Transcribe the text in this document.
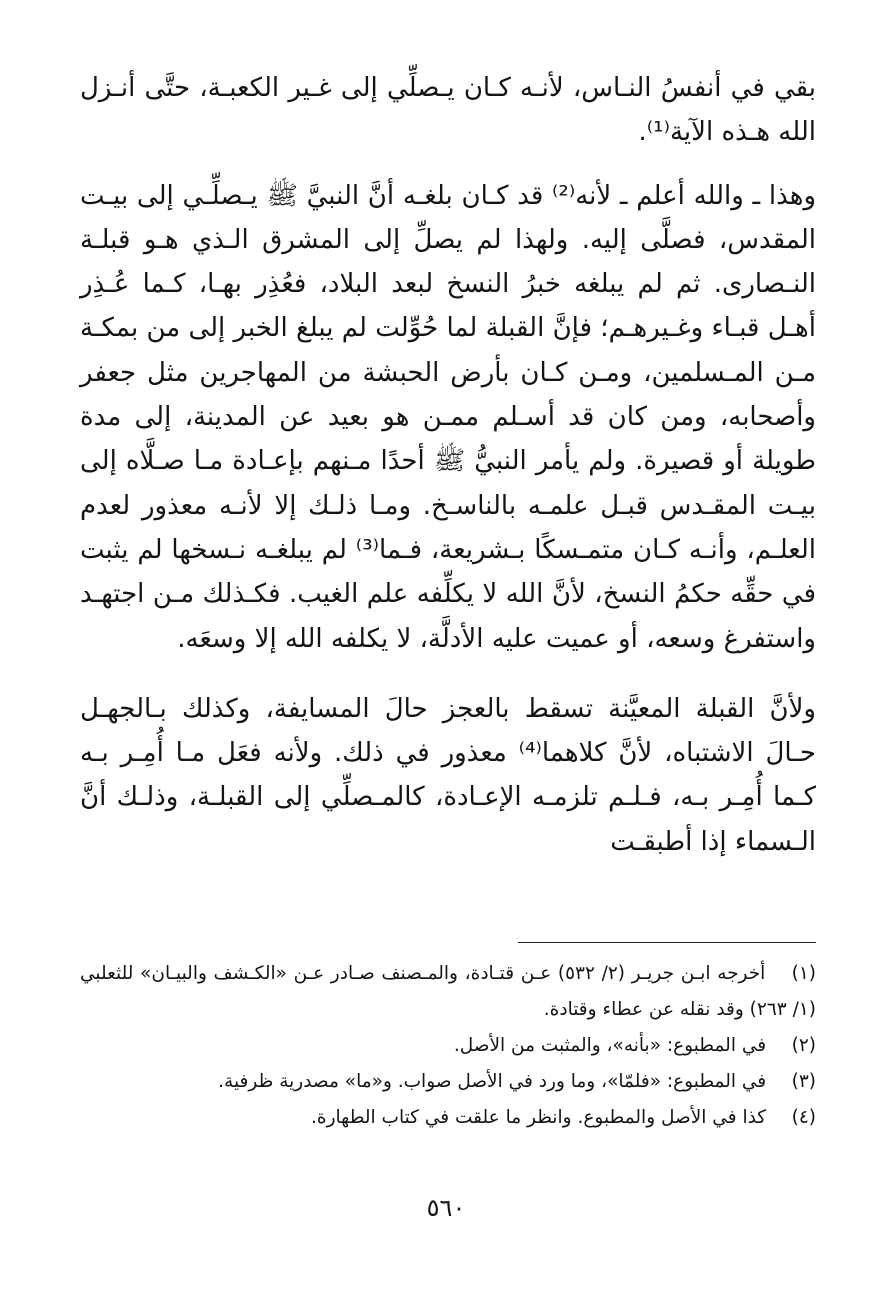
بقي في أنفسُ النـاس، لأنـه كـان يـصلِّي إلى غـير الكعبـة، حتَّى أنـزل الله هـذه الآية⁽¹⁾.

وهذا ـ والله أعلم ـ لأنه⁽²⁾ قد كـان بلغـه أنَّ النبيَّ ﷺ يـصلِّـي إلى بيـت المقدس، فصلَّى إليه. ولهذا لم يصلِّ إلى المشرق الـذي هـو قبلـة النـصارى. ثم لم يبلغه خبرُ النسخ لبعد البلاد، فعُذِر بهـا، كـما عُـذِر أهـل قبـاء وغـيرهـم؛ فإنَّ القبلة لما حُوِّلت لم يبلغ الخبر إلى من بمكـة مـن المـسلمين، ومـن كـان بأرض الحبشة من المهاجرين مثل جعفر وأصحابه، ومن كان قد أسـلم ممـن هو بعيد عن المدينة، إلى مدة طويلة أو قصيرة. ولم يأمر النبيُّ ﷺ أحدًا مـنهم بإعـادة مـا صـلَّاه إلى بيـت المقـدس قبـل علمـه بالناسـخ. ومـا ذلـك إلا لأنـه معذور لعدم العلـم، وأنـه كـان متمـسكًا بـشريعة، فـما⁽³⁾ لم يبلغـه نـسخها لم يثبت في حقِّه حكمُ النسخ، لأنَّ الله لا يكلِّفه علم الغيب. فكـذلك مـن اجتهـد واستفرغ وسعه، أو عميت عليه الأدلَّة، لا يكلفه الله إلا وسعَه.

ولأنَّ القبلة المعيَّنة تسقط بالعجز حالَ المسايفة، وكذلك بـالجهـل حـالَ الاشتباه، لأنَّ كلاهما⁽⁴⁾ معذور في ذلك. ولأنه فعَل مـا أُمِـر بـه كـما أُمِـر بـه، فـلـم تلزمـه الإعـادة، كالمـصلِّي إلى القبلـة، وذلـك أنَّ الـسماء إذا أطبقـت

(١) أخرجه ابـن جريـر (٢/ ٥٣٢) عـن قتـادة، والمـصنف صـادر عـن «الكـشف والبيـان» للثعلبي (١/ ٢٦٣) وقد نقله عن عطاء وقتادة.

(٢) في المطبوع: «بأنه»، والمثبت من الأصل.

(٣) في المطبوع: «فلمّا»، وما ورد في الأصل صواب. و«ما» مصدرية ظرفية.

(٤) كذا في الأصل والمطبوع. وانظر ما علقت في كتاب الطهارة.

٥٦٠
